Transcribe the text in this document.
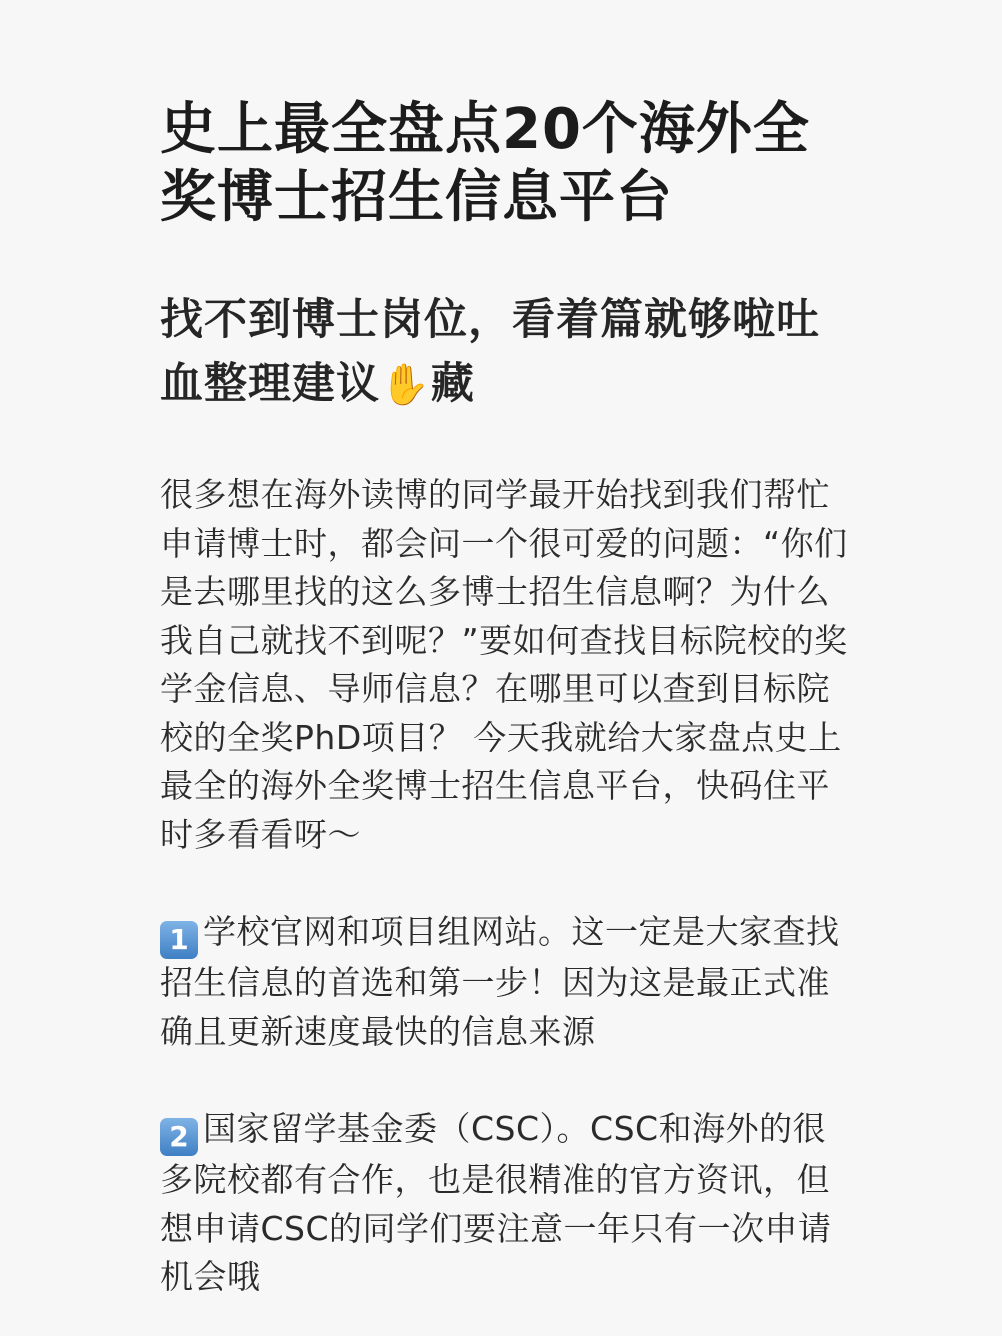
史上最全盘点20个海外全奖博士招生信息平台
找不到博士岗位，看着篇就够啦吐血整理建议✋藏

很多想在海外读博的同学最开始找到我们帮忙申请博士时，都会问一个很可爱的问题：“你们是去哪里找的这么多博士招生信息啊？为什么我自己就找不到呢？”要如何查找目标院校的奖学金信息、导师信息？在哪里可以查到目标院校的全奖PhD项目？ 今天我就给大家盘点史上最全的海外全奖博士招生信息平台，快码住平时多看看呀～

1 学校官网和项目组网站。这一定是大家查找招生信息的首选和第一步！因为这是最正式准确且更新速度最快的信息来源

2 国家留学基金委（CSC）。CSC和海外的很多院校都有合作，也是很精准的官方资讯，但想申请CSC的同学们要注意一年只有一次申请机会哦
